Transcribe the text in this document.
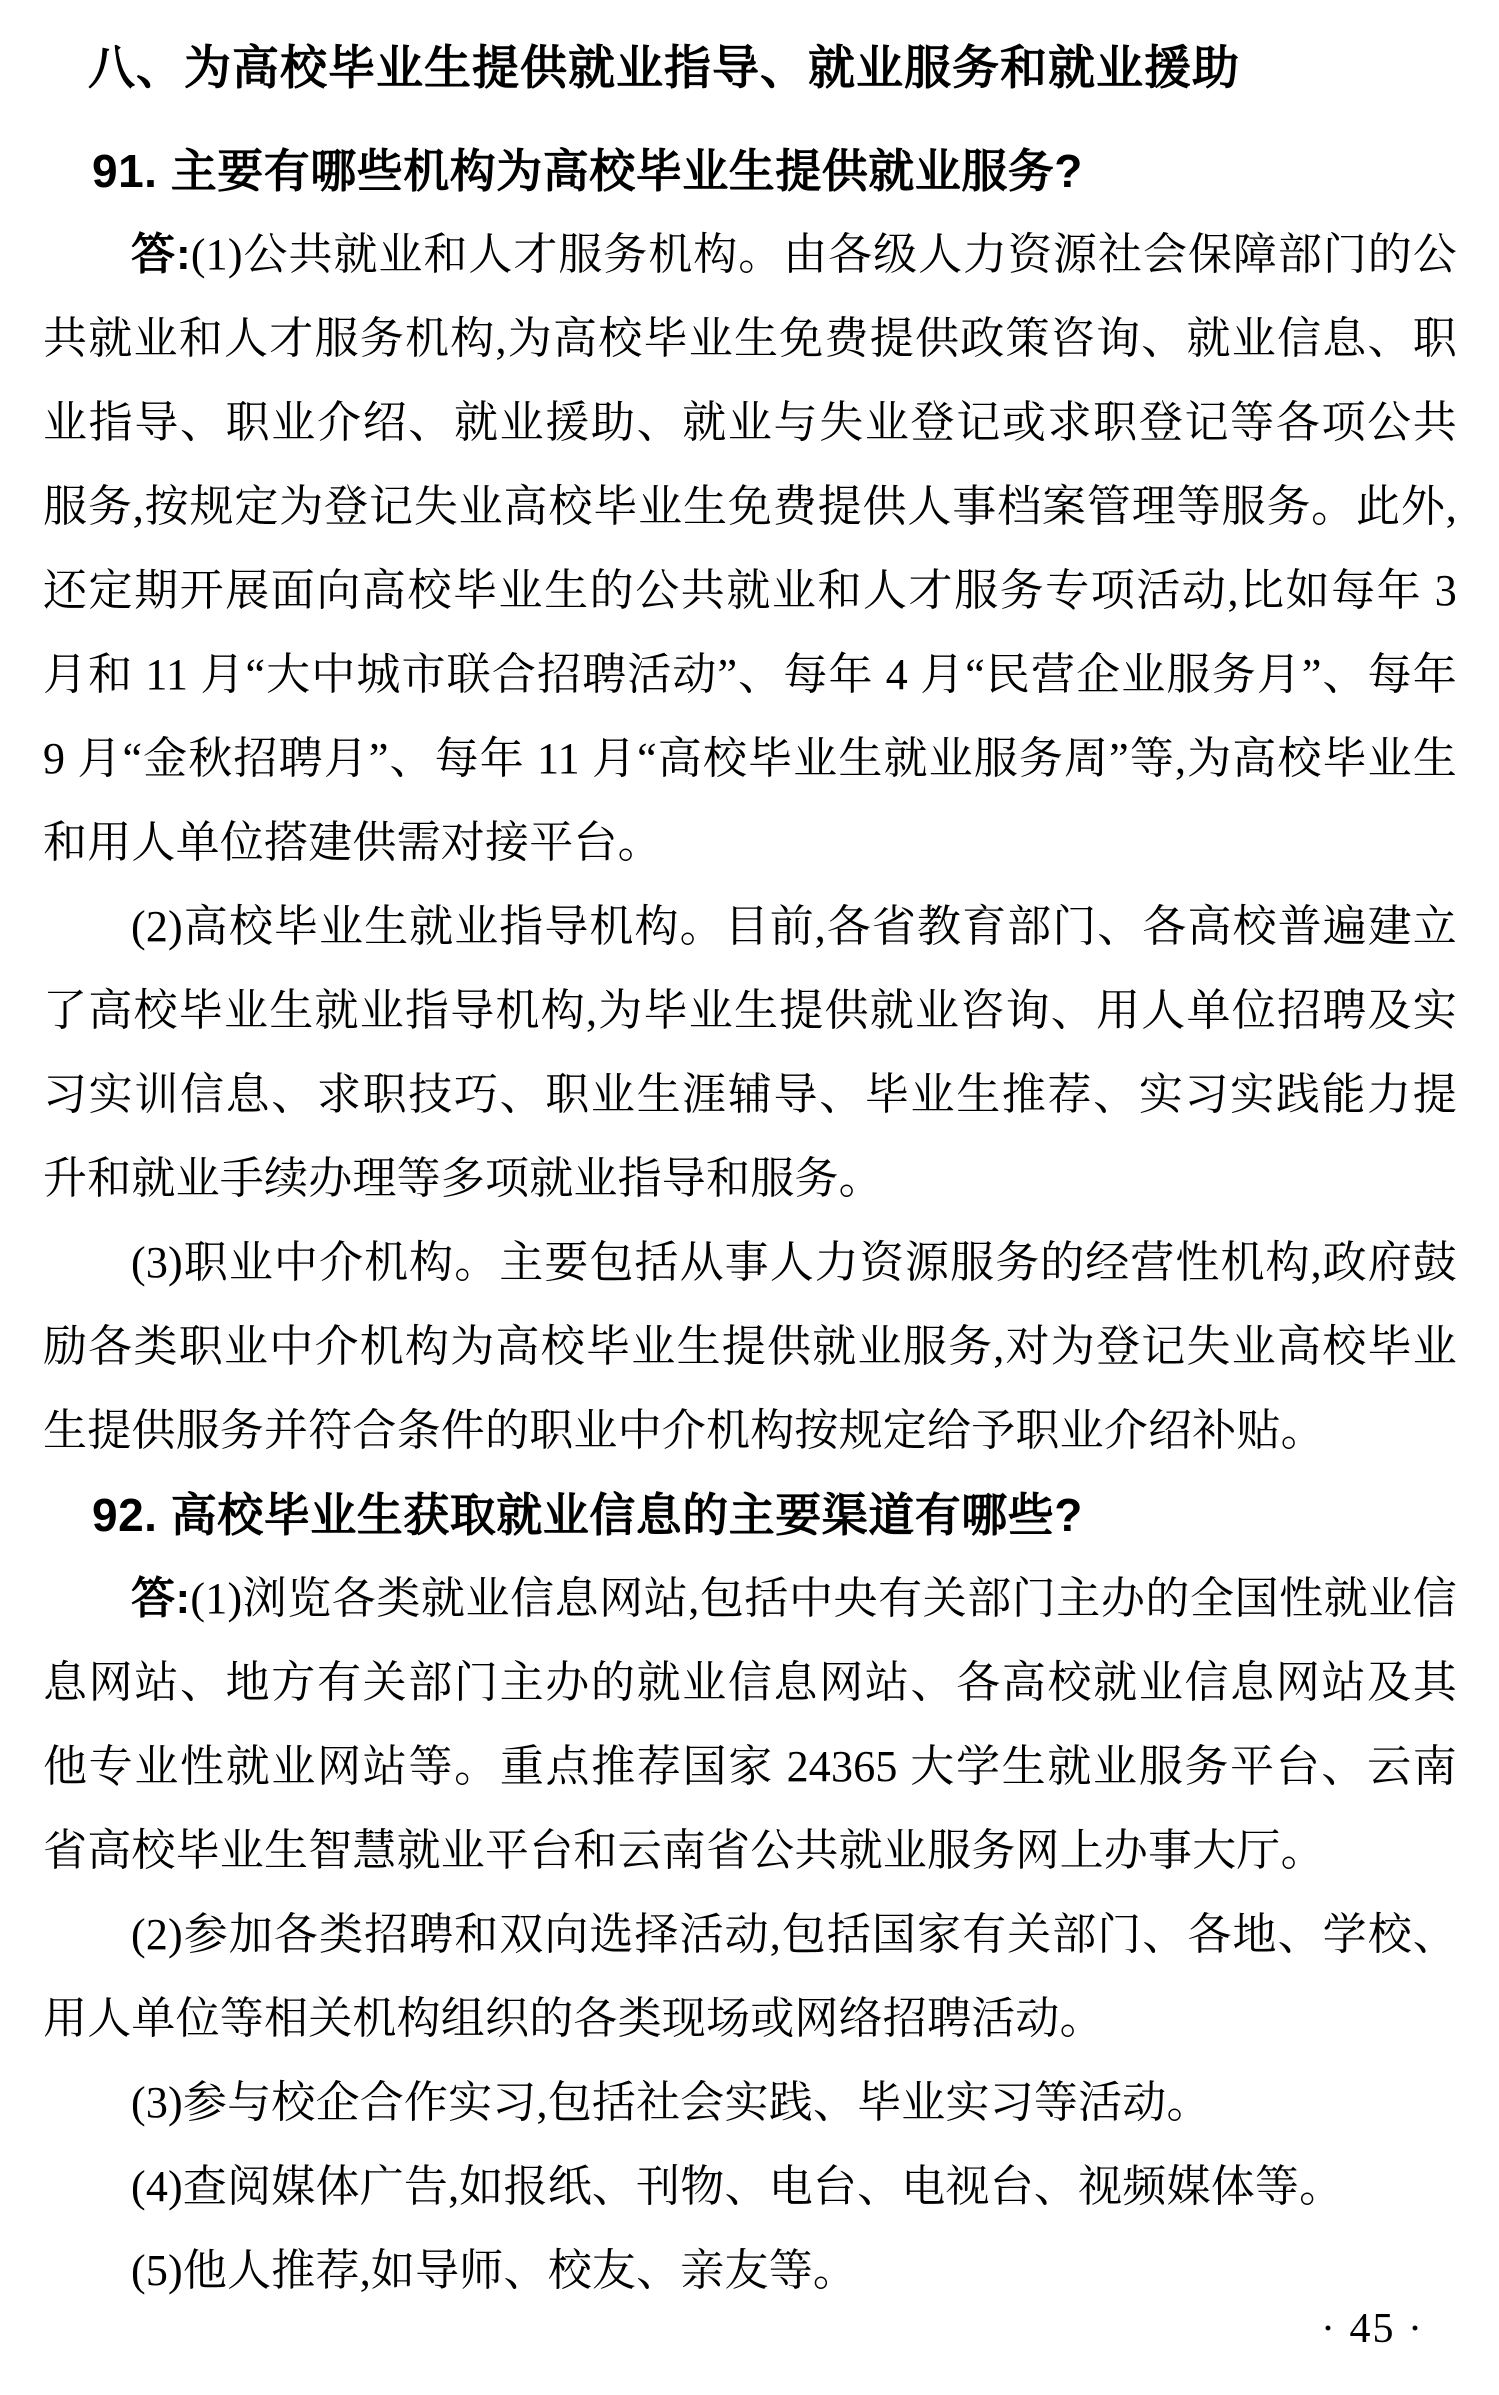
八、为高校毕业生提供就业指导、就业服务和就业援助

91. 主要有哪些机构为高校毕业生提供就业服务?

答:(1)公共就业和人才服务机构。由各级人力资源社会保障部门的公共就业和人才服务机构,为高校毕业生免费提供政策咨询、就业信息、职业指导、职业介绍、就业援助、就业与失业登记或求职登记等各项公共服务,按规定为登记失业高校毕业生免费提供人事档案管理等服务。此外,还定期开展面向高校毕业生的公共就业和人才服务专项活动,比如每年 3 月和 11 月“大中城市联合招聘活动”、每年 4 月“民营企业服务月”、每年 9 月“金秋招聘月”、每年 11 月“高校毕业生就业服务周”等,为高校毕业生和用人单位搭建供需对接平台。

(2)高校毕业生就业指导机构。目前,各省教育部门、各高校普遍建立了高校毕业生就业指导机构,为毕业生提供就业咨询、用人单位招聘及实习实训信息、求职技巧、职业生涯辅导、毕业生推荐、实习实践能力提升和就业手续办理等多项就业指导和服务。

(3)职业中介机构。主要包括从事人力资源服务的经营性机构,政府鼓励各类职业中介机构为高校毕业生提供就业服务,对为登记失业高校毕业生提供服务并符合条件的职业中介机构按规定给予职业介绍补贴。

92. 高校毕业生获取就业信息的主要渠道有哪些?

答:(1)浏览各类就业信息网站,包括中央有关部门主办的全国性就业信息网站、地方有关部门主办的就业信息网站、各高校就业信息网站及其他专业性就业网站等。重点推荐国家 24365 大学生就业服务平台、云南省高校毕业生智慧就业平台和云南省公共就业服务网上办事大厅。

(2)参加各类招聘和双向选择活动,包括国家有关部门、各地、学校、用人单位等相关机构组织的各类现场或网络招聘活动。

(3)参与校企合作实习,包括社会实践、毕业实习等活动。

(4)查阅媒体广告,如报纸、刊物、电台、电视台、视频媒体等。

(5)他人推荐,如导师、校友、亲友等。

· 45 ·
